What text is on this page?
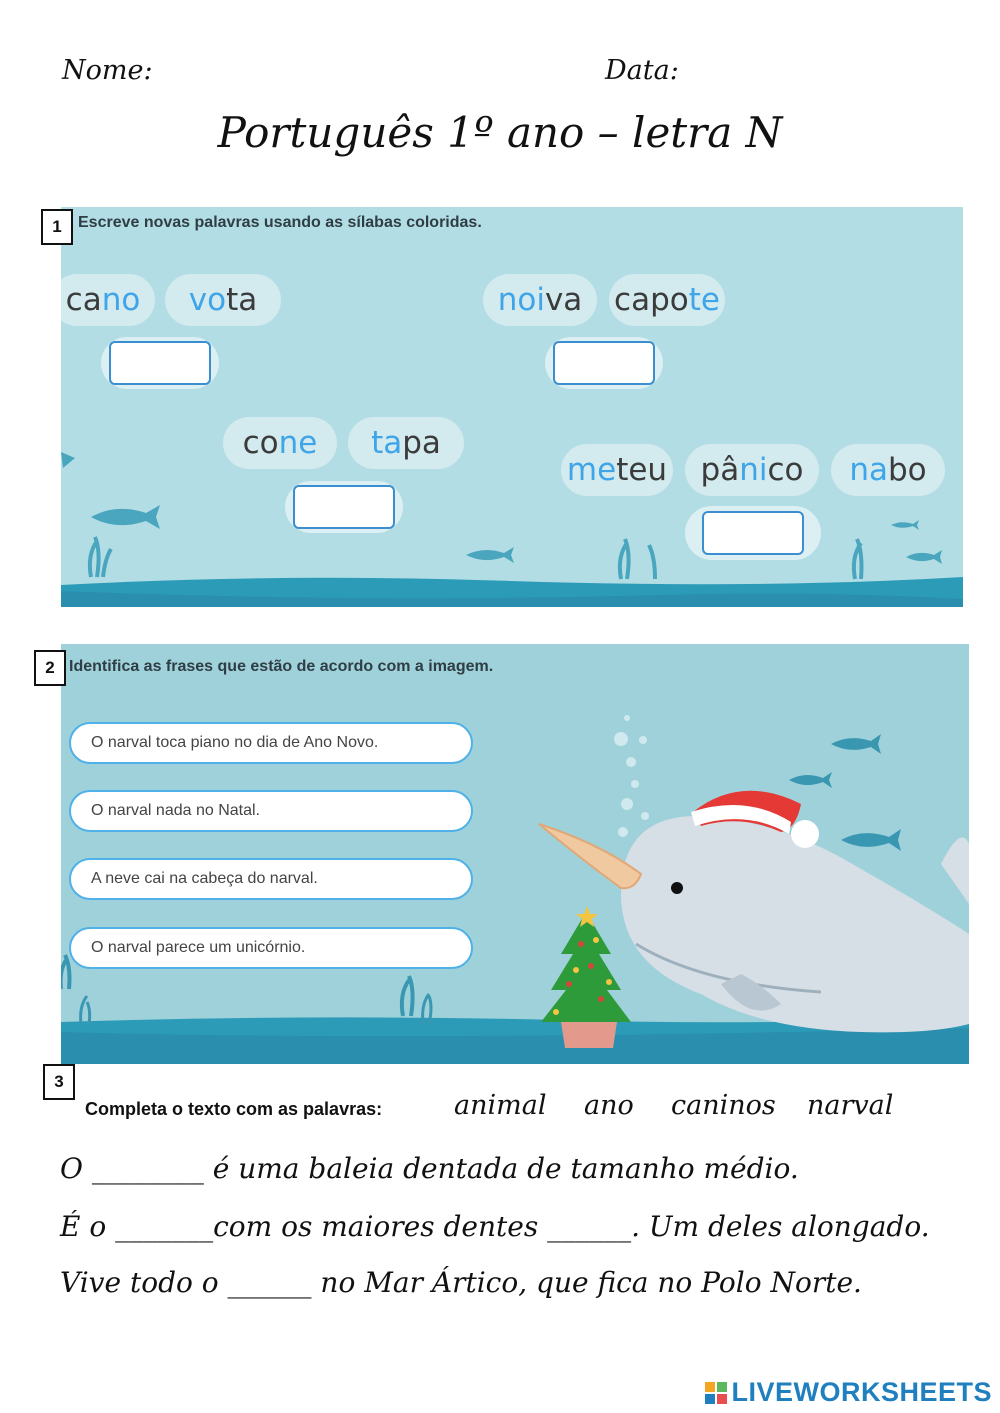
Nome:	Data:
Português 1º ano – letra N
1	Escreve novas palavras usando as sílabas coloridas.
ca no vo ta	noi va capo te
co ne ta pa
me teu pâ ni co na bo
2 Identifica as frases que estão de acordo com a imagem.
O narval toca piano no dia de Ano Novo.
O narval nada no Natal.
A neve cai na cabeça do narval.
O narval parece um unicórnio.
3
Completa o texto com as palavras:	animal ano caninos narval
O ________ é uma baleia dentada de tamanho médio.
É o _______com os maiores dentes ______. Um deles alongado.
Vive todo o ______ no Mar Ártico, que fica no Polo Norte.
LIVEWORKSHEETS
